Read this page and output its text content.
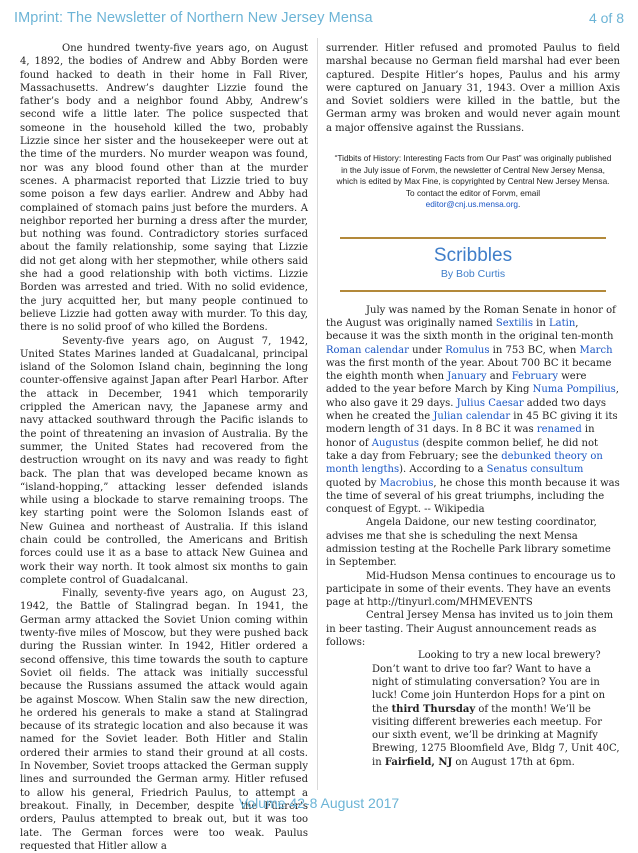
IMprint: The Newsletter of Northern New Jersey Mensa	4 of 8

One hundred twenty-five years ago, on August 4, 1892, the bodies of Andrew and Abby Borden were found hacked to death in their home in Fall River, Massachusetts. Andrew’s daughter Lizzie found the father’s body and a neighbor found Abby, Andrew’s second wife a little later. The police suspected that someone in the household killed the two, probably Lizzie since her sister and the housekeeper were out at the time of the murders. No murder weapon was found, nor was any blood found other than at the murder scenes. A pharmacist reported that Lizzie tried to buy some poison a few days earlier. Andrew and Abby had complained of stomach pains just before the murders. A neighbor reported her burning a dress after the murder, but nothing was found. Contradictory stories surfaced about the family relationship, some saying that Lizzie did not get along with her stepmother, while others said she had a good relationship with both victims. Lizzie Borden was arrested and tried. With no solid evidence, the jury acquitted her, but many people continued to believe Lizzie had gotten away with murder. To this day, there is no solid proof of who killed the Bordens.

Seventy-five years ago, on August 7, 1942, United States Marines landed at Guadalcanal, principal island of the Solomon Island chain, beginning the long counter-offensive against Japan after Pearl Harbor. After the attack in December, 1941 which temporarily crippled the American navy, the Japanese army and navy attacked southward through the Pacific islands to the point of threatening an invasion of Australia. By the summer, the United States had recovered from the destruction wrought on its navy and was ready to fight back. The plan that was developed became known as “island-hopping,” attacking lesser defended islands while using a blockade to starve remaining troops. The key starting point were the Solomon Islands east of New Guinea and northeast of Australia. If this island chain could be controlled, the Americans and British forces could use it as a base to attack New Guinea and work their way north. It took almost six months to gain complete control of Guadalcanal.

Finally, seventy-five years ago, on August 23, 1942, the Battle of Stalingrad began. In 1941, the German army attacked the Soviet Union coming within twenty-five miles of Moscow, but they were pushed back during the Russian winter. In 1942, Hitler ordered a second offensive, this time towards the south to capture Soviet oil fields. The attack was initially successful because the Russians assumed the attack would again be against Moscow. When Stalin saw the new direction, he ordered his generals to make a stand at Stalingrad because of its strategic location and also because it was named for the Soviet leader. Both Hitler and Stalin ordered their armies to stand their ground at all costs. In November, Soviet troops attacked the German supply lines and surrounded the German army. Hitler refused to allow his general, Friedrich Paulus, to attempt a breakout. Finally, in December, despite the Führer’s orders, Paulus attempted to break out, but it was too late. The German forces were too weak. Paulus requested that Hitler allow a

surrender. Hitler refused and promoted Paulus to field marshal because no German field marshal had ever been captured. Despite Hitler’s hopes, Paulus and his army were captured on January 31, 1943. Over a million Axis and Soviet soldiers were killed in the battle, but the German army was broken and would never again mount a major offensive against the Russians.

“Tidbits of History: Interesting Facts from Our Past” was originally published in the July issue of Forvm, the newsletter of Central New Jersey Mensa, which is edited by Max Fine, is copyrighted by Central New Jersey Mensa. To contact the editor of Forvm, email
editor@cnj.us.mensa.org.

Scribbles
By Bob Curtis

July was named by the Roman Senate in honor of the August was originally named Sextilis in Latin, because it was the sixth month in the original ten-month Roman calendar under Romulus in 753 BC, when March was the first month of the year. About 700 BC it became the eighth month when January and February were added to the year before March by King Numa Pompilius, who also gave it 29 days. Julius Caesar added two days when he created the Julian calendar in 45 BC giving it its modern length of 31 days. In 8 BC it was renamed in honor of Augustus (despite common belief, he did not take a day from February; see the debunked theory on month lengths). According to a Senatus consultum quoted by Macrobius, he chose this month because it was the time of several of his great triumphs, including the conquest of Egypt. -- Wikipedia

Angela Daidone, our new testing coordinator, advises me that she is scheduling the next Mensa admission testing at the Rochelle Park library sometime in September.

Mid-Hudson Mensa continues to encourage us to participate in some of their events. They have an events page at http://tinyurl.com/MHMEVENTS

Central Jersey Mensa has invited us to join them in beer tasting. Their August announcement reads as follows:

Looking to try a new local brewery? Don’t want to drive too far? Want to have a night of stimulating conversation? You are in luck! Come join Hunterdon Hops for a pint on the third Thursday of the month! We’ll be visiting different breweries each meetup. For our sixth event, we’ll be drinking at Magnify Brewing, 1275 Bloomfield Ave, Bldg 7, Unit 40C, in Fairfield, NJ on August 17th at 6pm.

Volume 42-8 August 2017
